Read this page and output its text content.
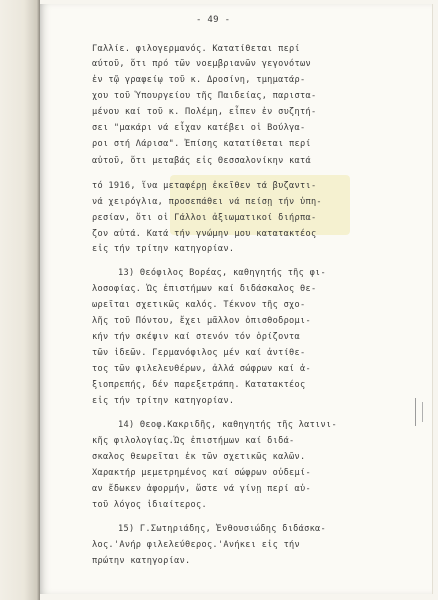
- 49 -
Γαλλίε. φιλογερμανός. Κατατίθεται περί
αύτοῦ, ὅτι πρό τῶν νοεμβριανῶν γεγονότων
ἐν τῷ γραφείῳ τοῦ κ. Δροσίνη, τμηματάρ-
χου τοῦ Ὑπουργείου τῆς Παιδείας, παριστα-
μένου καί τοῦ κ. Πολέμη, εἶπεν ἐν συζητή-
σει "μακάρι νά εἶχαν κατέβει οἱ Βούλγα-
ροι στή Λάρισα". Ἐπίσης κατατίθεται περί
αὐτοῦ, ὅτι μεταβάς εἰς Θεσσαλονίκην κατά
τό 1916, ἵνα μεταφέρῃ ἐκεῖθεν τά βυζαντι-
νά χειρόγλια, προσεπάθει νά πείσῃ τήν ὑπη-
ρεσίαν, ὅτι οἱ Γάλλοι ἀξιωματικοί διήρπα-
ζον αὐτά. Κατά τήν γνώμην μου κατατακτέος
εἰς τήν τρίτην κατηγορίαν.
13) Θεόφιλος Βορέας, καθηγητής τῆς φι-
λοσοφίας. Ὡς ἐπιστήμων καί διδάσκαλος θε-
ωρεῖται σχετικῶς καλός. Τέκνον τῆς σχο-
λῆς τοῦ Πόντου, ἔχει μᾶλλον ὀπισθοδρομι-
κήν τήν σκέψιν καί στενόν τόν ὁρίζοντα
τῶν ἰδεῶν. Γερμανόφιλος μέν καί ἀντίθε-
τος τῶν φιλελευθέρων, ἀλλά σώφρων καί ἀ-
ξιοπρεπής, δέν παρεξετράπη. Κατατακτέος
εἰς τήν τρίτην κατηγορίαν.
14) Θεοφ.Κακριδῆς, καθηγητής τῆς λατινι-
κῆς φιλολογίας.Ὡς ἐπιστήμων καί διδά-
σκαλος θεωρεῖται ἐκ τῶν σχετικῶς καλῶν.
Χαρακτήρ μεμετρημένος καί σώφρων οὐδεμί-
αν ἔδωκεν ἀφορμήν, ὥστε νά γίνῃ περί αὐ-
τοῦ λόγος ἰδιαίτερος.
15) Γ.Σωτηριάδης, Ἐνθουσιώδης διδάσκα-
λος.'Ανήρ φιλελεύθερος.'Ανήκει εἰς τήν
πρώτην κατηγορίαν.
